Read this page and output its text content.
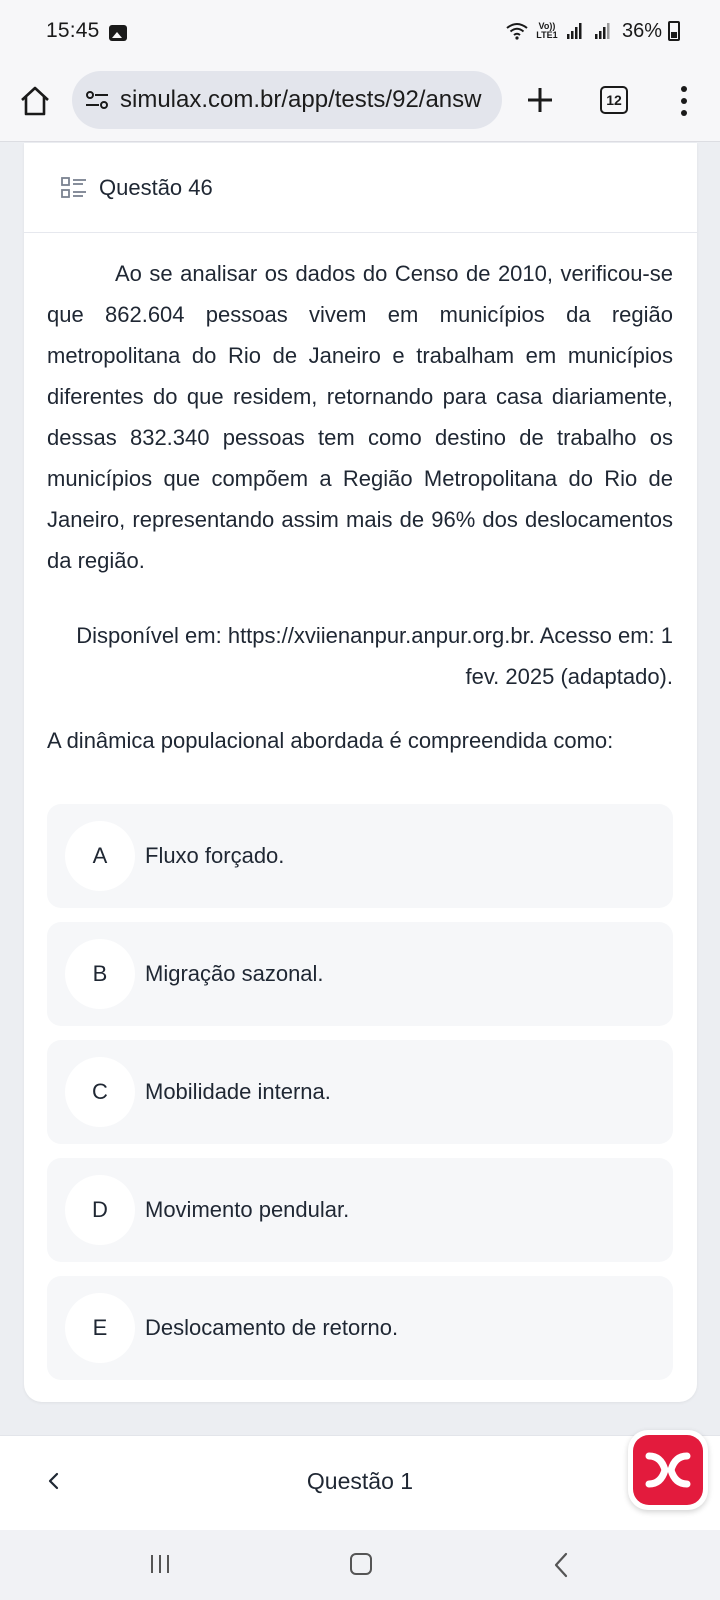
15:45	Vo)) LTE1	36%
simulax.com.br/app/tests/92/answ	12
Questão 46

Ao se analisar os dados do Censo de 2010, verificou-se que 862.604 pessoas vivem em municípios da região metropolitana do Rio de Janeiro e trabalham em municípios diferentes do que residem, retornando para casa diariamente, dessas 832.340 pessoas tem como destino de trabalho os municípios que compõem a Região Metropolitana do Rio de Janeiro, representando assim mais de 96% dos deslocamentos da região.

Disponível em: https://xviienanpur.anpur.org.br. Acesso em: 1 fev. 2025 (adaptado).

A dinâmica populacional abordada é compreendida como:

A	Fluxo forçado.
B	Migração sazonal.
C	Mobilidade interna.
D	Movimento pendular.
E	Deslocamento de retorno.
Questão 1
